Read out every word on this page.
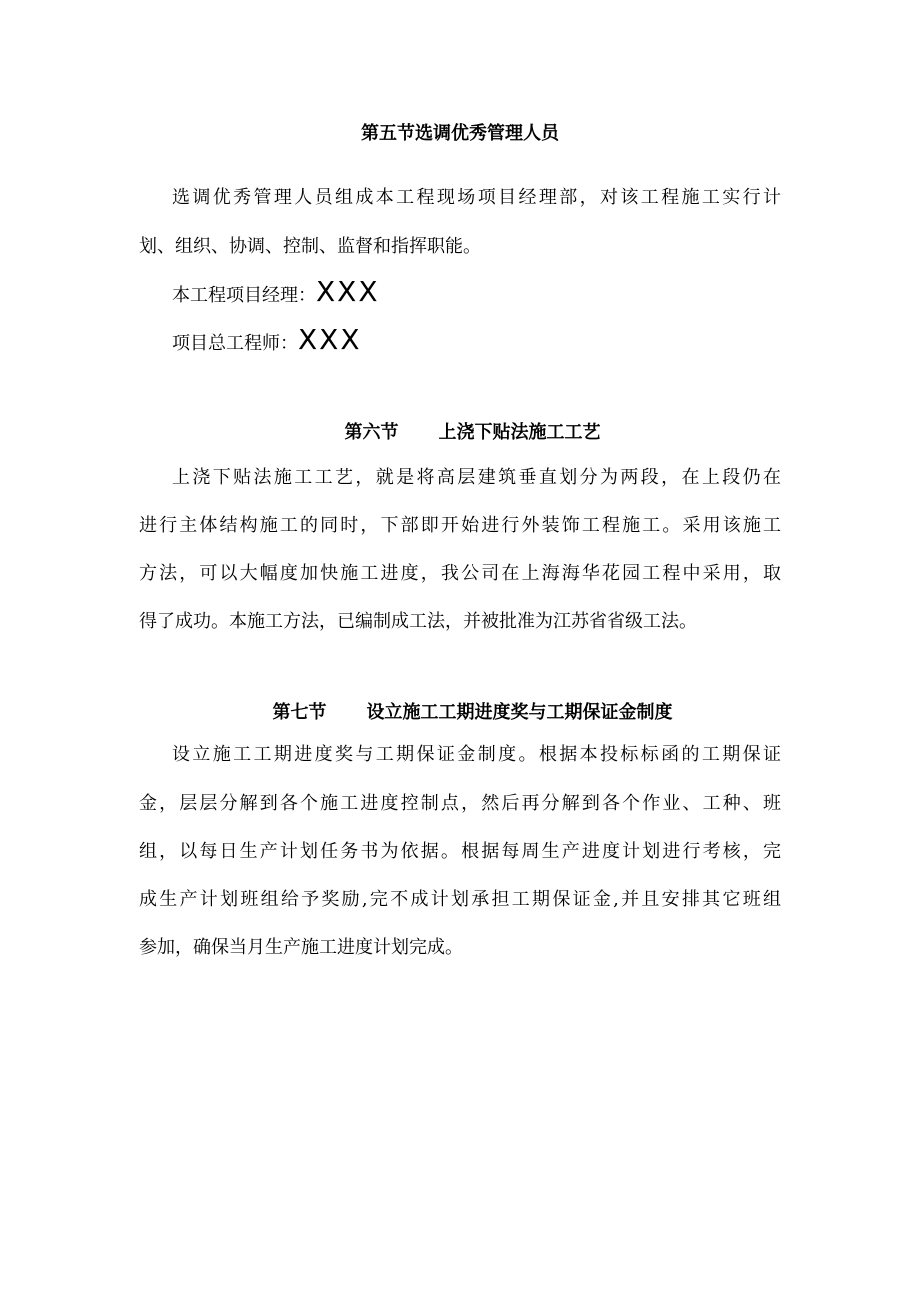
第五节选调优秀管理人员
选调优秀管理人员组成本工程现场项目经理部，对该工程施工实行计
划、组织、协调、控制、监督和指挥职能。
本工程项目经理：XXX
项目总工程师：XXX

第六节 上浇下贴法施工工艺

上浇下贴法施工工艺，就是将高层建筑垂直划分为两段，在上段仍在
进行主体结构施工的同时，下部即开始进行外装饰工程施工。采用该施工
方法，可以大幅度加快施工进度，我公司在上海海华花园工程中采用，取
得了成功。本施工方法，已编制成工法，并被批准为江苏省省级工法。

第七节 设立施工工期进度奖与工期保证金制度

设立施工工期进度奖与工期保证金制度。根据本投标标函的工期保证
金，层层分解到各个施工进度控制点，然后再分解到各个作业、工种、班
组，以每日生产计划任务书为依据。根据每周生产进度计划进行考核，完
成生产计划班组给予奖励,完不成计划承担工期保证金,并且安排其它班组
参加，确保当月生产施工进度计划完成。
